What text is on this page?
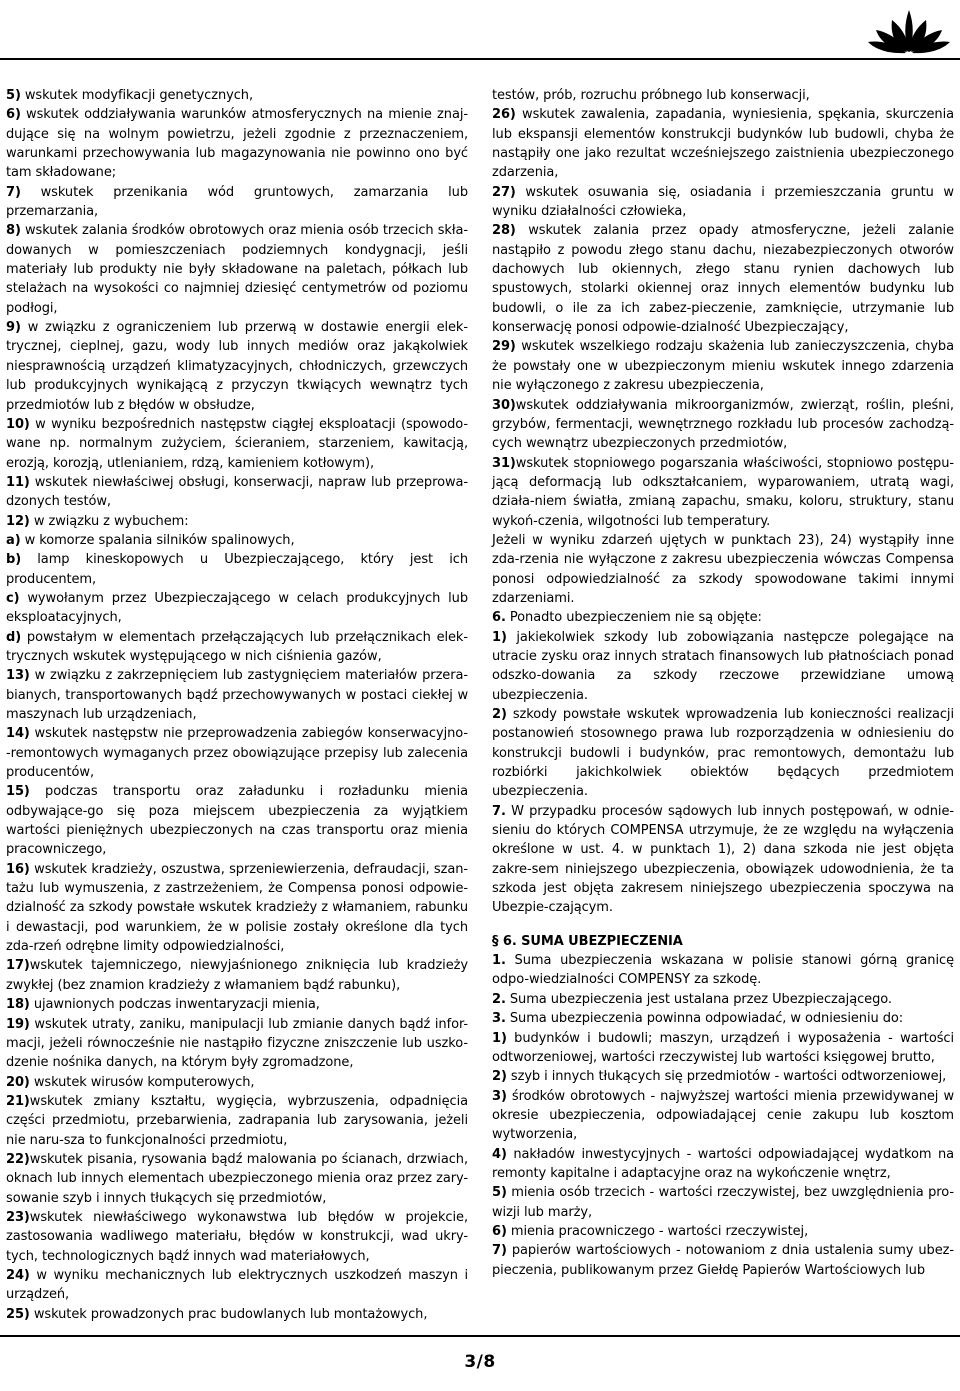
5) wskutek modyfikacji genetycznych,

6) wskutek oddziaływania warunków atmosferycznych na mienie znaj-dujące się na wolnym powietrzu, jeżeli zgodnie z przeznaczeniem, warunkami przechowywania lub magazynowania nie powinno ono być tam składowane;

7) wskutek przenikania wód gruntowych, zamarzania lub przemarzania,

8) wskutek zalania środków obrotowych oraz mienia osób trzecich skła-dowanych w pomieszczeniach podziemnych kondygnacji, jeśli materiały lub produkty nie były składowane na paletach, półkach lub stelażach na wysokości co najmniej dziesięć centymetrów od poziomu podłogi,

9) w związku z ograniczeniem lub przerwą w dostawie energii elek-trycznej, cieplnej, gazu, wody lub innych mediów oraz jakąkolwiek niesprawnością urządzeń klimatyzacyjnych, chłodniczych, grzewczych lub produkcyjnych wynikającą z przyczyn tkwiących wewnątrz tych przedmiotów lub z błędów w obsłudze,

10) w wyniku bezpośrednich następstw ciągłej eksploatacji (spowodo-wane np. normalnym zużyciem, ścieraniem, starzeniem, kawitacją, erozją, korozją, utlenianiem, rdzą, kamieniem kotłowym),

11) wskutek niewłaściwej obsługi, konserwacji, napraw lub przeprowa-dzonych testów,

12) w związku z wybuchem:

a) w komorze spalania silników spalinowych,

b) lamp kineskopowych u Ubezpieczającego, który jest ich producentem,

c) wywołanym przez Ubezpieczającego w celach produkcyjnych lub eksploatacyjnych,

d) powstałym w elementach przełączających lub przełącznikach elek-trycznych wskutek występującego w nich ciśnienia gazów,

13) w związku z zakrzepnięciem lub zastygnięciem materiałów przera-bianych, transportowanych bądź przechowywanych w postaci ciekłej w maszynach lub urządzeniach,

14) wskutek następstw nie przeprowadzenia zabiegów konserwacyjno--remontowych wymaganych przez obowiązujące przepisy lub zalecenia producentów,

15) podczas transportu oraz załadunku i rozładunku mienia odbywające-go się poza miejscem ubezpieczenia za wyjątkiem wartości pieniężnych ubezpieczonych na czas transportu oraz mienia pracowniczego,

16) wskutek kradzieży, oszustwa, sprzeniewierzenia, defraudacji, szan-tażu lub wymuszenia, z zastrzeżeniem, że Compensa ponosi odpowie-dzialność za szkody powstałe wskutek kradzieży z włamaniem, rabunku i dewastacji, pod warunkiem, że w polisie zostały określone dla tych zda-rzeń odrębne limity odpowiedzialności,

17)wskutek tajemniczego, niewyjaśnionego zniknięcia lub kradzieży zwykłej (bez znamion kradzieży z włamaniem bądź rabunku),

18) ujawnionych podczas inwentaryzacji mienia,

19) wskutek utraty, zaniku, manipulacji lub zmianie danych bądź infor-macji, jeżeli równocześnie nie nastąpiło fizyczne zniszczenie lub uszko-dzenie nośnika danych, na którym były zgromadzone,

20) wskutek wirusów komputerowych,

21)wskutek zmiany kształtu, wygięcia, wybrzuszenia, odpadnięcia części przedmiotu, przebarwienia, zadrapania lub zarysowania, jeżeli nie naru-sza to funkcjonalności przedmiotu,

22)wskutek pisania, rysowania bądź malowania po ścianach, drzwiach, oknach lub innych elementach ubezpieczonego mienia oraz przez zary-sowanie szyb i innych tłukących się przedmiotów,

23)wskutek niewłaściwego wykonawstwa lub błędów w projekcie, zastosowania wadliwego materiału, błędów w konstrukcji, wad ukry-tych, technologicznych bądź innych wad materiałowych,

24) w wyniku mechanicznych lub elektrycznych uszkodzeń maszyn i urządzeń,

25) wskutek prowadzonych prac budowlanych lub montażowych,

testów, prób, rozruchu próbnego lub konserwacji,

26) wskutek zawalenia, zapadania, wyniesienia, spękania, skurczenia lub ekspansji elementów konstrukcji budynków lub budowli, chyba że nastąpiły one jako rezultat wcześniejszego zaistnienia ubezpieczonego zdarzenia,

27) wskutek osuwania się, osiadania i przemieszczania gruntu w wyniku działalności człowieka,

28) wskutek zalania przez opady atmosferyczne, jeżeli zalanie nastąpiło z powodu złego stanu dachu, niezabezpieczonych otworów dachowych lub okiennych, złego stanu rynien dachowych lub spustowych, stolarki okiennej oraz innych elementów budynku lub budowli, o ile za ich zabez-pieczenie, zamknięcie, utrzymanie lub konserwację ponosi odpowie-dzialność Ubezpieczający,

29) wskutek wszelkiego rodzaju skażenia lub zanieczyszczenia, chyba że powstały one w ubezpieczonym mieniu wskutek innego zdarzenia nie wyłączonego z zakresu ubezpieczenia,

30)wskutek oddziaływania mikroorganizmów, zwierząt, roślin, pleśni, grzybów, fermentacji, wewnętrznego rozkładu lub procesów zachodzą-cych wewnątrz ubezpieczonych przedmiotów,

31)wskutek stopniowego pogarszania właściwości, stopniowo postępu-jącą deformacją lub odkształcaniem, wyparowaniem, utratą wagi, działa-niem światła, zmianą zapachu, smaku, koloru, struktury, stanu wykoń-czenia, wilgotności lub temperatury.

Jeżeli w wyniku zdarzeń ujętych w punktach 23), 24) wystąpiły inne zda-rzenia nie wyłączone z zakresu ubezpieczenia wówczas Compensa ponosi odpowiedzialność za szkody spowodowane takimi innymi zdarzeniami.

6. Ponadto ubezpieczeniem nie są objęte:

1) jakiekolwiek szkody lub zobowiązania następcze polegające na utracie zysku oraz innych stratach finansowych lub płatnościach ponad odszko-dowania za szkody rzeczowe przewidziane umową ubezpieczenia.

2) szkody powstałe wskutek wprowadzenia lub konieczności realizacji postanowień stosownego prawa lub rozporządzenia w odniesieniu do konstrukcji budowli i budynków, prac remontowych, demontażu lub rozbiórki jakichkolwiek obiektów będących przedmiotem ubezpieczenia.

7. W przypadku procesów sądowych lub innych postępowań, w odnie-sieniu do których COMPENSA utrzymuje, że ze względu na wyłączenia określone w ust. 4. w punktach 1), 2) dana szkoda nie jest objęta zakre-sem niniejszego ubezpieczenia, obowiązek udowodnienia, że ta szkoda jest objęta zakresem niniejszego ubezpieczenia spoczywa na Ubezpie-czającym.

§ 6. SUMA UBEZPIECZENIA

1. Suma ubezpieczenia wskazana w polisie stanowi górną granicę odpo-wiedzialności COMPENSY za szkodę.

2. Suma ubezpieczenia jest ustalana przez Ubezpieczającego.

3. Suma ubezpieczenia powinna odpowiadać, w odniesieniu do:

1) budynków i budowli; maszyn, urządzeń i wyposażenia - wartości odtworzeniowej, wartości rzeczywistej lub wartości księgowej brutto,

2) szyb i innych tłukących się przedmiotów - wartości odtworzeniowej,

3) środków obrotowych - najwyższej wartości mienia przewidywanej w okresie ubezpieczenia, odpowiadającej cenie zakupu lub kosztom wytworzenia,

4) nakładów inwestycyjnych - wartości odpowiadającej wydatkom na remonty kapitalne i adaptacyjne oraz na wykończenie wnętrz,

5) mienia osób trzecich - wartości rzeczywistej, bez uwzględnienia pro-wizji lub marży,

6) mienia pracowniczego - wartości rzeczywistej,

7) papierów wartościowych - notowaniom z dnia ustalenia sumy ubez-pieczenia, publikowanym przez Giełdę Papierów Wartościowych lub

3/8
